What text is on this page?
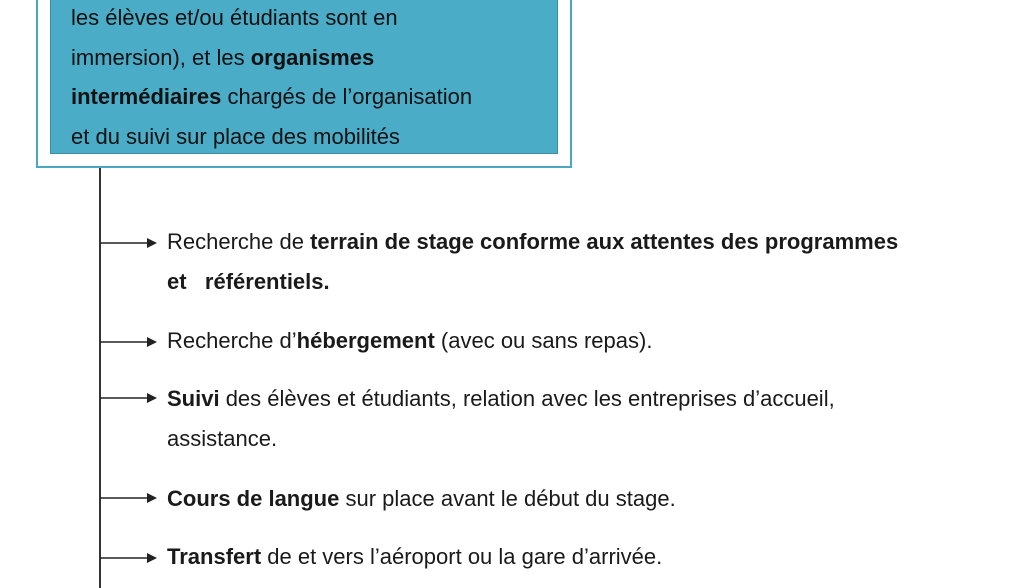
les élèves et/ou étudiants sont en
immersion), et les organismes
intermédiaires chargés de l’organisation
et du suivi sur place des mobilités

Recherche de terrain de stage conforme aux attentes des programmes
et   référentiels.

Recherche d’hébergement (avec ou sans repas).

Suivi des élèves et étudiants, relation avec les entreprises d’accueil,
assistance.

Cours de langue sur place avant le début du stage.

Transfert de et vers l’aéroport ou la gare d’arrivée.
